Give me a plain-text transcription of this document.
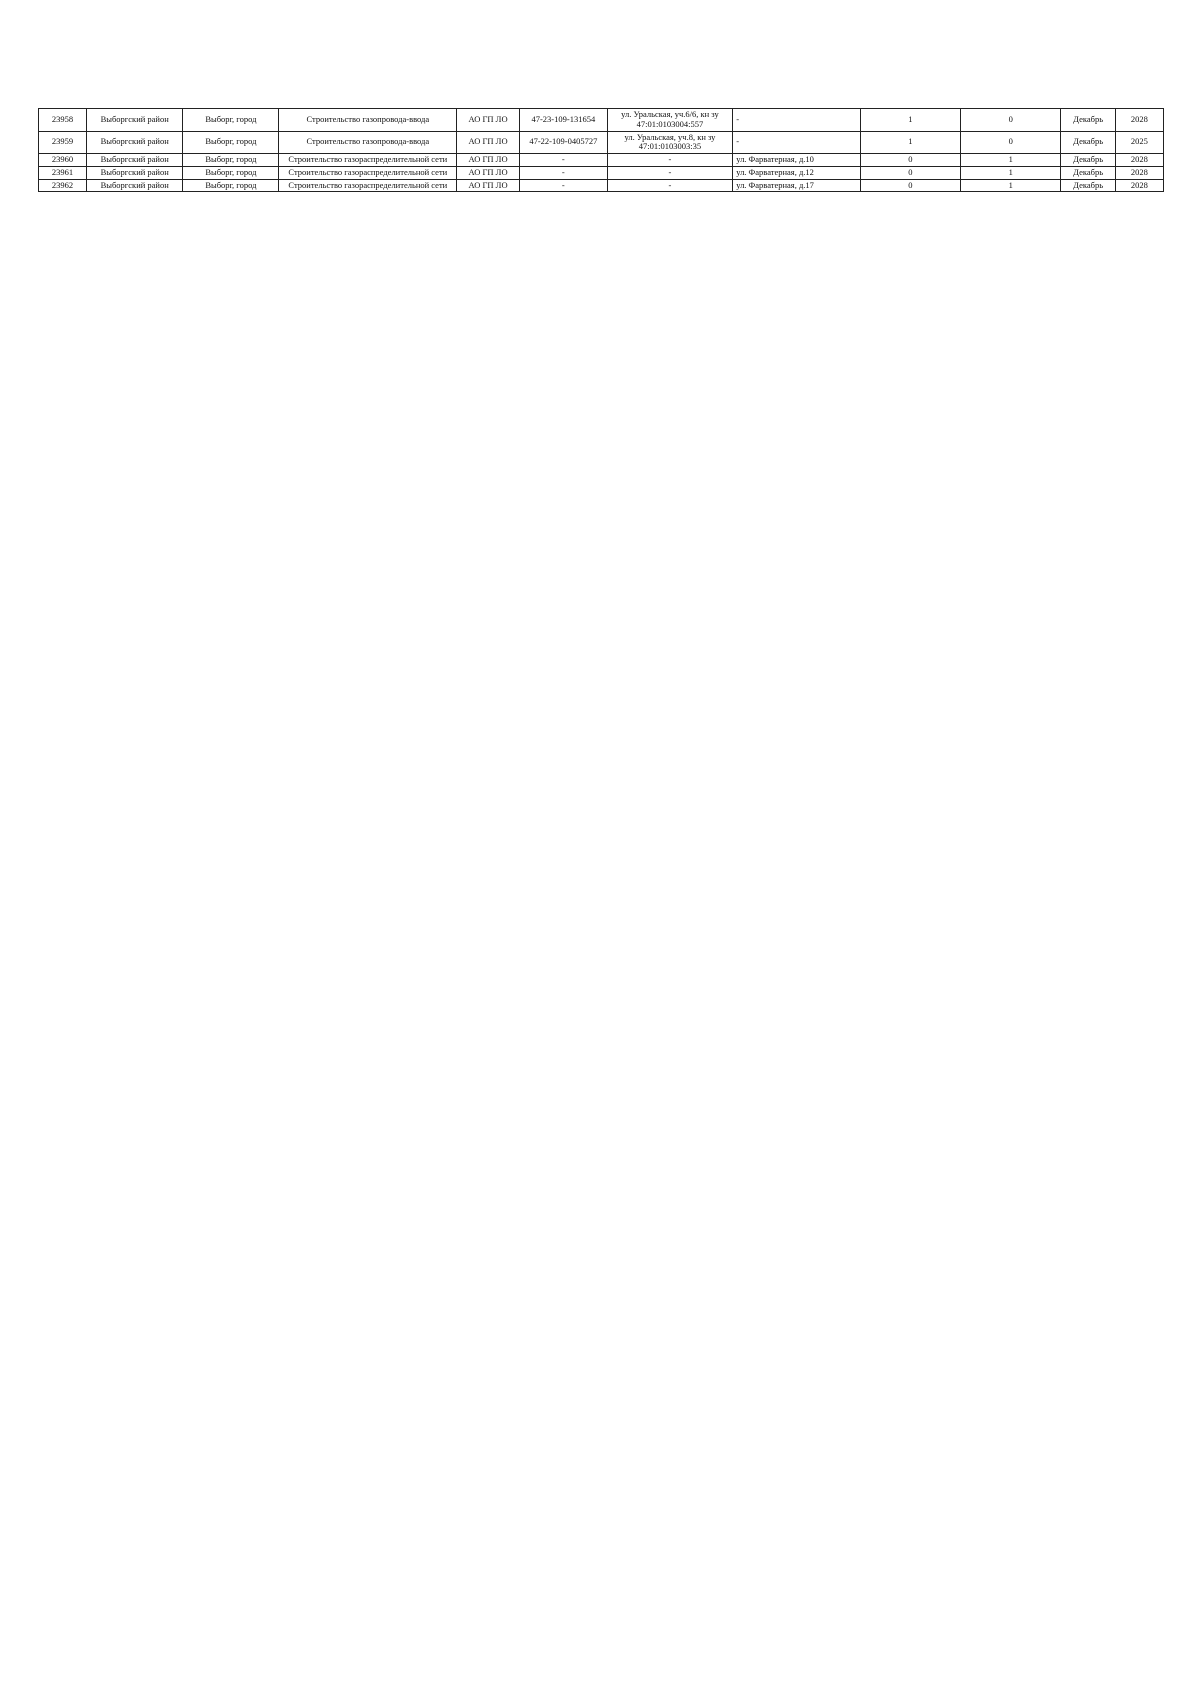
23958	Выборгский район	Выборг, город	Строительство газопровода-ввода	АО ГП ЛО	47-23-109-131654	ул. Уральская, уч.6/6, кн зу 47:01:0103004:557	-	1	0	Декабрь	2028
23959	Выборгский район	Выборг, город	Строительство газопровода-ввода	АО ГП ЛО	47-22-109-0405727	ул. Уральская, уч.8, кн зу 47:01:0103003:35	-	1	0	Декабрь	2025
23960	Выборгский район	Выборг, город	Строительство газораспределительной сети	АО ГП ЛО	-	-	ул. Фарватерная, д.10	0	1	Декабрь	2028
23961	Выборгский район	Выборг, город	Строительство газораспределительной сети	АО ГП ЛО	-	-	ул. Фарватерная, д.12	0	1	Декабрь	2028
23962	Выборгский район	Выборг, город	Строительство газораспределительной сети	АО ГП ЛО	-	-	ул. Фарватерная, д.17	0	1	Декабрь	2028
